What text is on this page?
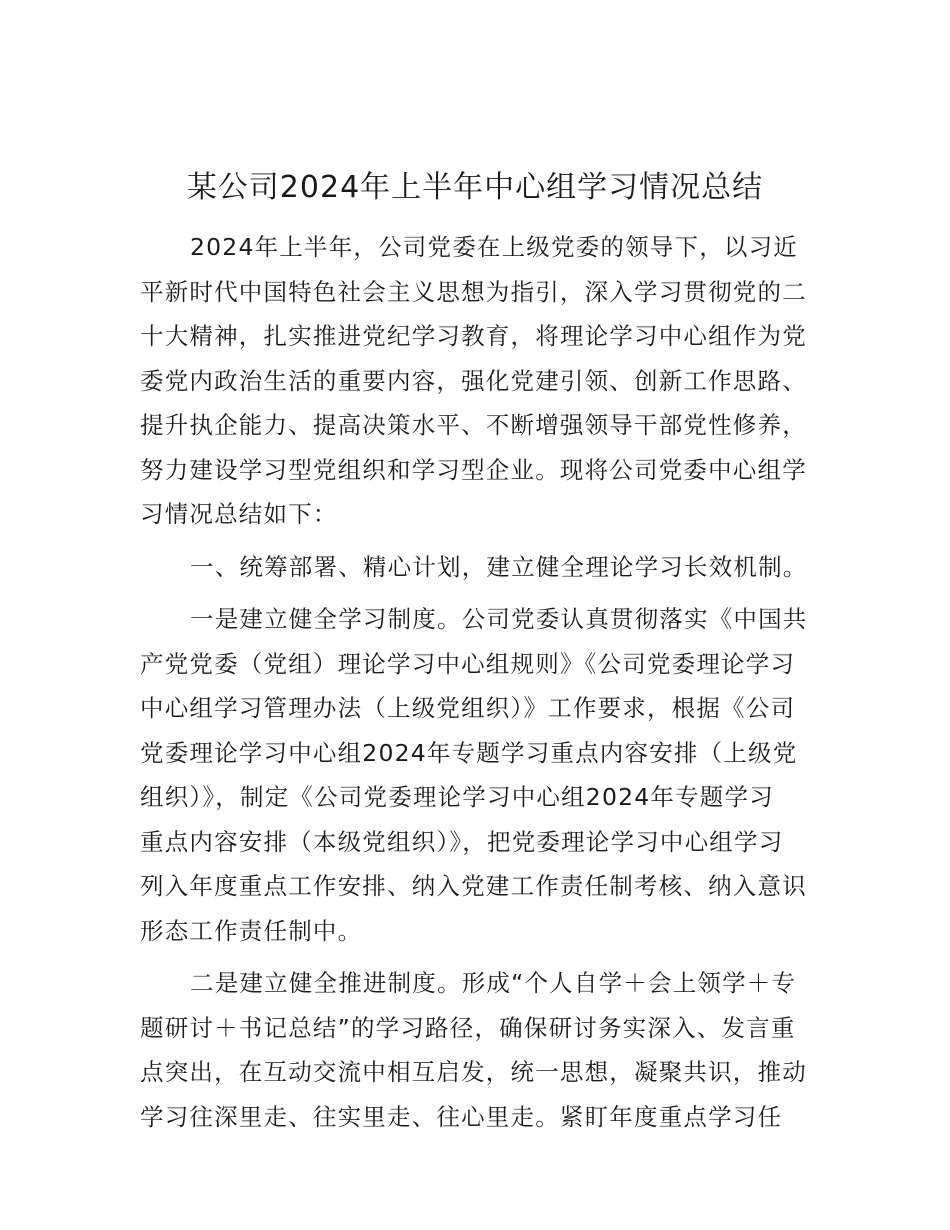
某公司2024年上半年中心组学习情况总结
2024年上半年，公司党委在上级党委的领导下，以习近
平新时代中国特色社会主义思想为指引，深入学习贯彻党的二
十大精神，扎实推进党纪学习教育，将理论学习中心组作为党
委党内政治生活的重要内容，强化党建引领、创新工作思路、
提升执企能力、提高决策水平、不断增强领导干部党性修养，
努力建设学习型党组织和学习型企业。现将公司党委中心组学
习情况总结如下：
一、统筹部署、精心计划，建立健全理论学习长效机制。
一是建立健全学习制度。公司党委认真贯彻落实《中国共
产党党委（党组）理论学习中心组规则》《公司党委理论学习
中心组学习管理办法（上级党组织）》工作要求，根据《公司
党委理论学习中心组2024年专题学习重点内容安排（上级党
组织）》，制定《公司党委理论学习中心组2024年专题学习
重点内容安排（本级党组织）》，把党委理论学习中心组学习
列入年度重点工作安排、纳入党建工作责任制考核、纳入意识
形态工作责任制中。
二是建立健全推进制度。形成“个人自学＋会上领学＋专
题研讨＋书记总结”的学习路径，确保研讨务实深入、发言重
点突出，在互动交流中相互启发，统一思想，凝聚共识，推动
学习往深里走、往实里走、往心里走。紧盯年度重点学习任
